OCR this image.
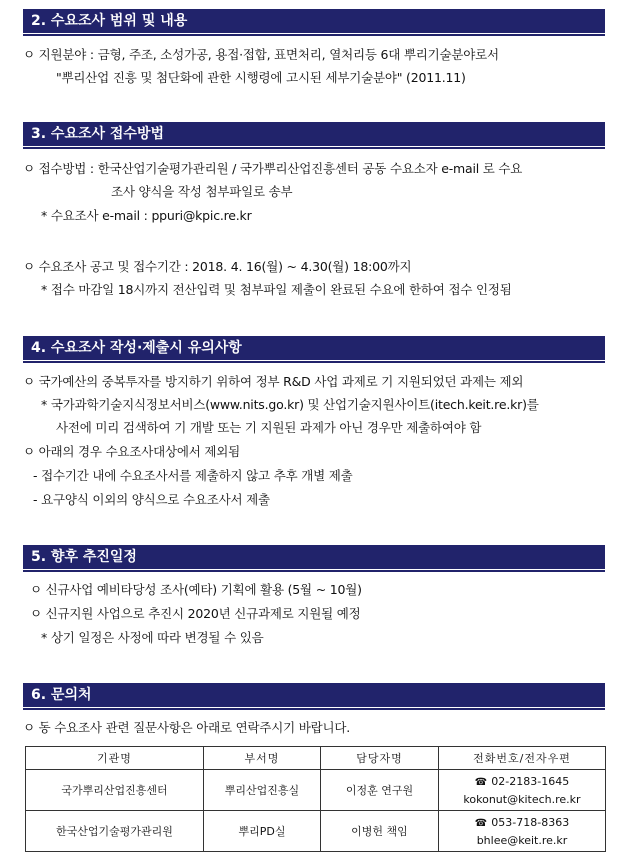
2. 수요조사 범위 및 내용
ㅇ 지원분야 : 금형, 주조, 소성가공, 용접·접합, 표면처리, 열처리등 6대 뿌리기술분야로서
"뿌리산업 진흥 및 첨단화에 관한 시행령에 고시된 세부기술분야" (2011.11)
3. 수요조사 접수방법
ㅇ 접수방법 : 한국산업기술평가관리원 / 국가뿌리산업진흥센터 공동 수요소자 e-mail 로 수요
조사 양식을 작성 첨부파일로 송부
* 수요조사 e-mail : ppuri@kpic.re.kr
ㅇ 수요조사 공고 및 접수기간 : 2018. 4. 16(월) ~ 4.30(월) 18:00까지
* 접수 마감일 18시까지 전산입력 및 첨부파일 제출이 완료된 수요에 한하여 접수 인정됨
4. 수요조사 작성·제출시 유의사항
ㅇ 국가예산의 중복투자를 방지하기 위하여 정부 R&D 사업 과제로 기 지원되었던 과제는 제외
* 국가과학기술지식정보서비스(www.nits.go.kr) 및 산업기술지원사이트(itech.keit.re.kr)를
사전에 미리 검색하여 기 개발 또는 기 지원된 과제가 아닌 경우만 제출하여야 함
ㅇ 아래의 경우 수요조사대상에서 제외됨
- 접수기간 내에 수요조사서를 제출하지 않고 추후 개별 제출
- 요구양식 이외의 양식으로 수요조사서 제출
5. 향후 추진일정
ㅇ 신규사업 예비타당성 조사(예타) 기획에 활용 (5월 ~ 10월)
ㅇ 신규지원 사업으로 추진시 2020년 신규과제로 지원될 예정
* 상기 일정은 사정에 따라 변경될 수 있음
6. 문의처
ㅇ 동 수요조사 관련 질문사항은 아래로 연락주시기 바랍니다.
기관명	부서명	담당자명	전화번호/전자우편
국가뿌리산업진흥센터	뿌리산업진흥실	이정훈 연구원	☎ 02-2183-1645
kokonut@kitech.re.kr

한국산업기술평가관리원	뿌리PD실	이병헌 책임	☎ 053-718-8363
bhlee@keit.re.kr
